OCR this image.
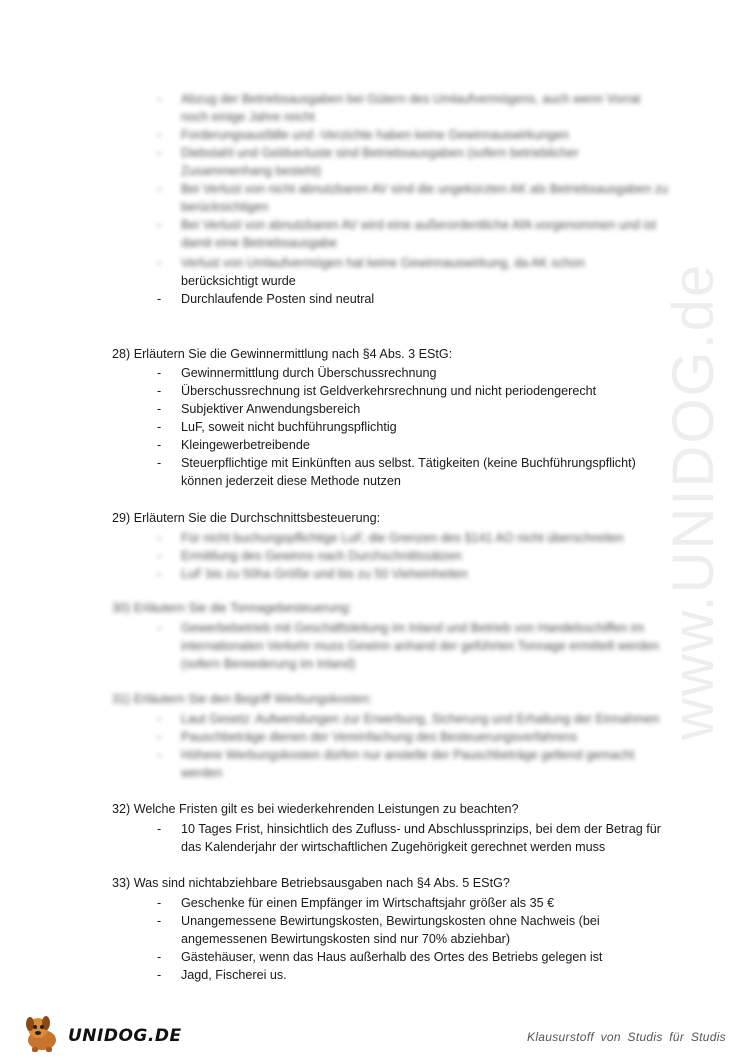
www.UNIDOG.de
- Abzug der Betriebsausgaben bei Gütern des Umlaufvermögens, auch wenn Vorrat noch einige Jahre reicht
- Forderungsausfälle und -Verzichte haben keine Gewinnauswirkungen
- Diebstahl und Geldverluste sind Betriebsausgaben (sofern betrieblicher Zusammenhang besteht)
- Bei Verlust von nicht abnutzbaren AV sind die ungekürzten AK als Betriebsausgaben zu berücksichtigen
- Bei Verlust von abnutzbaren AV wird eine außerordentliche AfA vorgenommen und ist damit eine Betriebsausgabe
- Verlust von Umlaufvermögen hat keine Gewinnauswirkung, da AK schon
berücksichtigt wurde
- Durchlaufende Posten sind neutral
28) Erläutern Sie die Gewinnermittlung nach §4 Abs. 3 EStG:
- Gewinnermittlung durch Überschussrechnung
- Überschussrechnung ist Geldverkehrsrechnung und nicht periodengerecht
- Subjektiver Anwendungsbereich
- LuF, soweit nicht buchführungspflichtig
- Kleingewerbetreibende
- Steuerpflichtige mit Einkünften aus selbst. Tätigkeiten (keine Buchführungspflicht) können jederzeit diese Methode nutzen
29) Erläutern Sie die Durchschnittsbesteuerung:
- Für nicht buchungspflichtige LuF, die Grenzen des §141 AO nicht überschreiten
- Ermittlung des Gewinns nach Durchschnittssätzen
- LuF bis zu 50ha Größe und bis zu 50 Vieheinheiten
30) Erläutern Sie die Tonnagebesteuerung:
- Gewerbebetrieb mit Geschäftsleitung im Inland und Betrieb von Handelsschiffen im internationalen Verkehr muss Gewinn anhand der geführten Tonnage ermittelt werden (sofern Bereederung im Inland)
31) Erläutern Sie den Begriff Werbungskosten:
- Laut Gesetz: Aufwendungen zur Erwerbung, Sicherung und Erhaltung der Einnahmen
- Pauschbeträge dienen der Vereinfachung des Besteuerungsverfahrens
- Höhere Werbungskosten dürfen nur anstelle der Pauschbeträge geltend gemacht werden
32) Welche Fristen gilt es bei wiederkehrenden Leistungen zu beachten?
- 10 Tages Frist, hinsichtlich des Zufluss- und Abschlussprinzips, bei dem der Betrag für das Kalenderjahr der wirtschaftlichen Zugehörigkeit gerechnet werden muss
33) Was sind nichtabziehbare Betriebsausgaben nach §4 Abs. 5 EStG?
- Geschenke für einen Empfänger im Wirtschaftsjahr größer als 35 €
- Unangemessene Bewirtungskosten, Bewirtungskosten ohne Nachweis (bei angemessenen Bewirtungskosten sind nur 70% abziehbar)
- Gästehäuser, wenn das Haus außerhalb des Ortes des Betriebs gelegen ist
- Jagd, Fischerei us.
UNIDOG.DE	Klausurstoff von Studis für Studis
